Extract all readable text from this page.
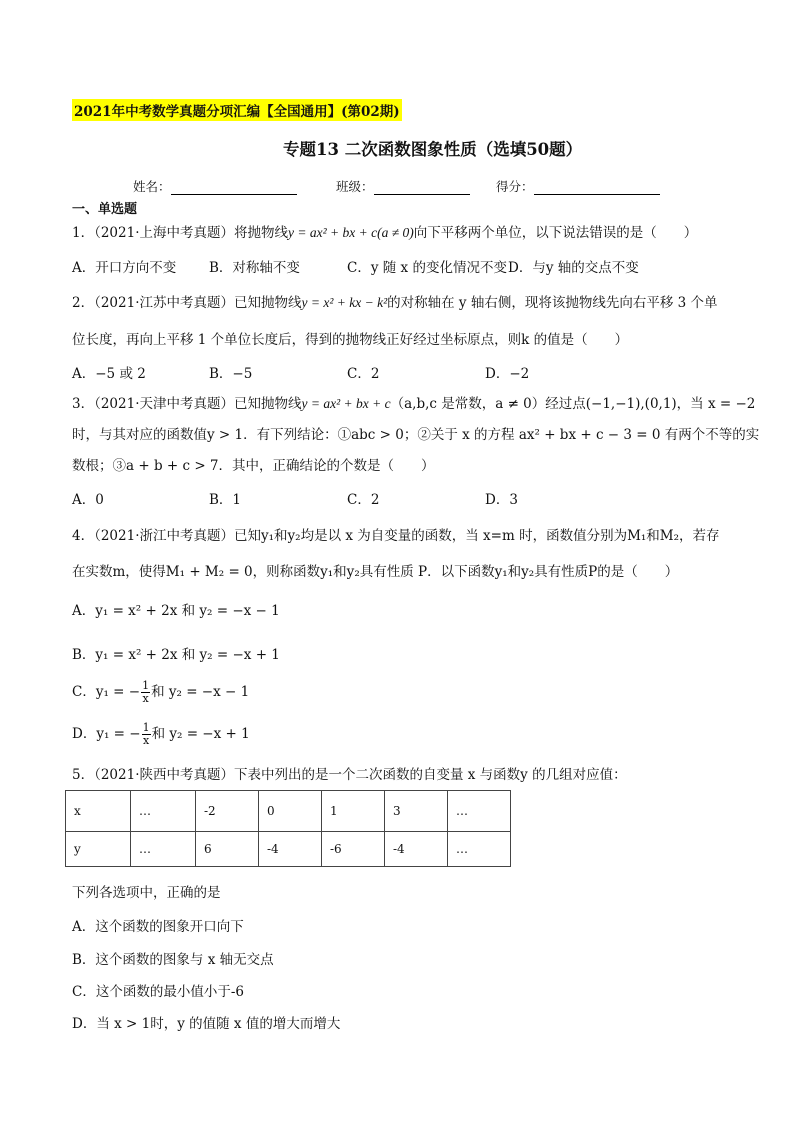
2021年中考数学真题分项汇编【全国通用】(第02期)
专题13 二次函数图象性质（选填50题）
姓名：	班级：	得分：
一、单选题
1．（2021·上海中考真题）将抛物线y = ax² + bx + c(a ≠ 0)向下平移两个单位，以下说法错误的是（　　）
A．开口方向不变 B．对称轴不变	C．y 随 x 的变化情况不变 D．与y 轴的交点不变
2．（2021·江苏中考真题）已知抛物线y = x² + kx − k²的对称轴在 y 轴右侧，现将该抛物线先向右平移 3 个单
位长度，再向上平移 1 个单位长度后，得到的抛物线正好经过坐标原点，则k 的值是（　　）
A．−5 或 2	B．−5	C．2	D．−2
3．（2021·天津中考真题）已知抛物线y = ax² + bx + c（a,b,c 是常数，a ≠ 0）经过点(−1,−1),(0,1)，当 x = −2
时，与其对应的函数值y > 1．有下列结论：①abc > 0；②关于 x 的方程 ax² + bx + c − 3 = 0 有两个不等的实
数根；③a + b + c > 7．其中，正确结论的个数是（　　）
A．0	B．1	C．2	D．3
4．（2021·浙江中考真题）已知y₁和y₂均是以 x 为自变量的函数，当 x=m 时，函数值分别为M₁和M₂，若存
在实数m，使得M₁ + M₂ = 0，则称函数y₁和y₂具有性质 P．以下函数y₁和y₂具有性质P的是（　　）
A．y₁ = x² + 2x 和 y₂ = −x − 1
B．y₁ = x² + 2x 和 y₂ = −x + 1
C．y₁ = − $\frac{1}{x}$ 和 y₂ = −x − 1
D．y₁ = − $\frac{1}{x}$ 和 y₂ = −x + 1
5．（2021·陕西中考真题）下表中列出的是一个二次函数的自变量 x 与函数y 的几组对应值：
x	…	-2	0	1	3	…
y	…	6	-4	-6	-4	…
下列各选项中，正确的是
A．这个函数的图象开口向下
B．这个函数的图象与 x 轴无交点
C．这个函数的最小值小于-6
D．当 x > 1时，y 的值随 x 值的增大而增大
